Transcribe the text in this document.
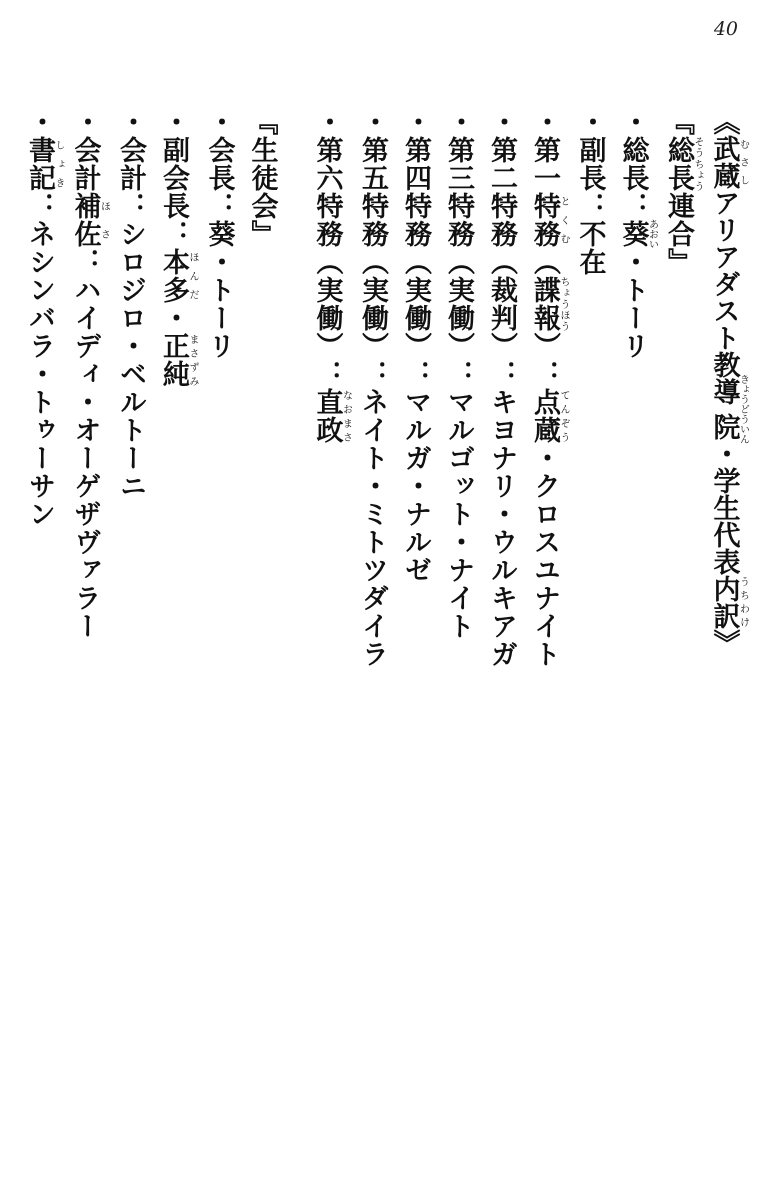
40
《武蔵むさしアリアダスト教導院きょうどういん・学生代表内訳うちわけ》
『総長そうちょう連合』
・総長：葵あおい・トーリ
・副長：不在
・第一特務とくむ（諜報ちょうほう）：点蔵てんぞう・クロスユナイト
・第二特務（裁判）：キヨナリ・ウルキアガ
・第三特務（実働）：マルゴット・ナイト
・第四特務（実働）：マルガ・ナルゼ
・第五特務（実働）：ネイト・ミトツダイラ
・第六特務（実働）：直政なおまさ
『生徒会』
・会長：葵・トーリ
・副会長：本多ほんだ・正純まさずみ
・会計：シロジロ・ベルトーニ
・会計補佐ほさ：ハイディ・オーゲザヴァラー
・書記しょき：ネシンバラ・トゥーサン
